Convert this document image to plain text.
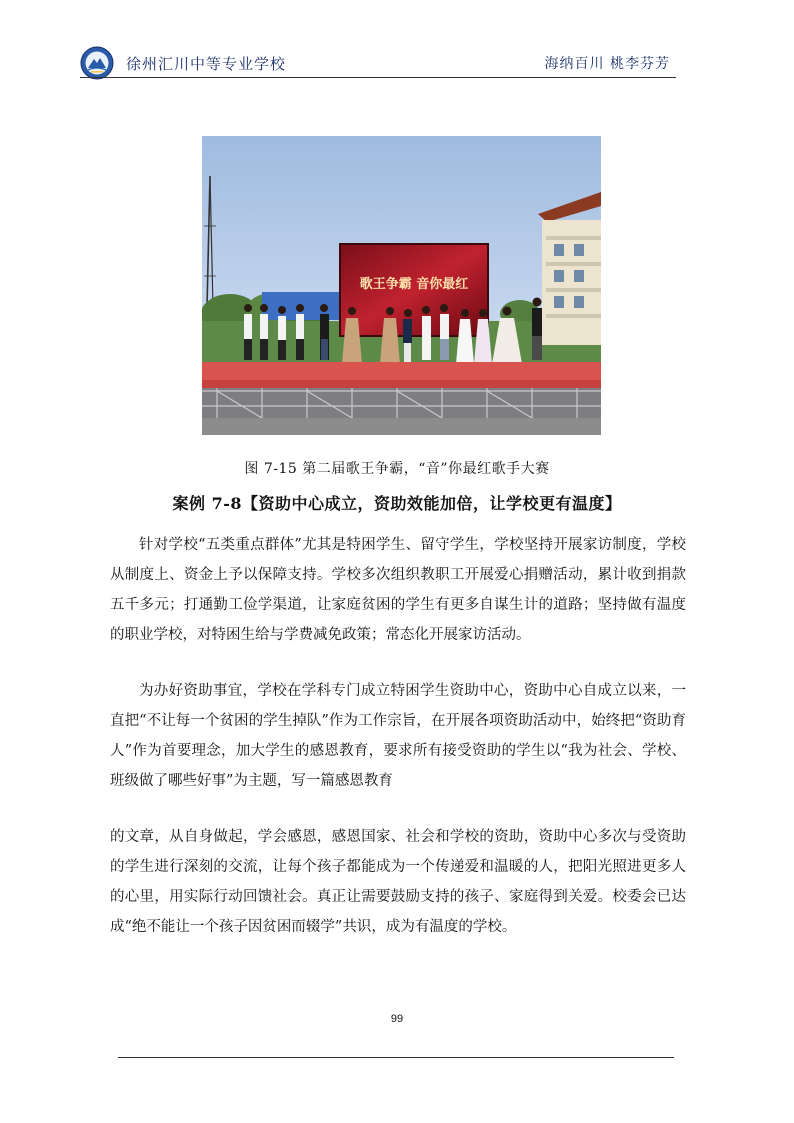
徐州汇川中等专业学校	海纳百川 桃李芬芳
歌王争霸 音你最红
图 7-15 第二届歌王争霸，“音”你最红歌手大赛
案例 7-8【资助中心成立，资助效能加倍，让学校更有温度】

针对学校“五类重点群体”尤其是特困学生、留守学生，学校坚持开展家访制度，学校从制度上、资金上予以保障支持。学校多次组织教职工开展爱心捐赠活动，累计收到捐款五千多元；打通勤工俭学渠道，让家庭贫困的学生有更多自谋生计的道路；坚持做有温度的职业学校，对特困生给与学费减免政策；常态化开展家访活动。

为办好资助事宜，学校在学科专门成立特困学生资助中心，资助中心自成立以来，一直把“不让每一个贫困的学生掉队”作为工作宗旨，在开展各项资助活动中，始终把“资助育人”作为首要理念，加大学生的感恩教育，要求所有接受资助的学生以“我为社会、学校、班级做了哪些好事”为主题，写一篇感恩教育

的文章，从自身做起，学会感恩，感恩国家、社会和学校的资助，资助中心多次与受资助的学生进行深刻的交流，让每个孩子都能成为一个传递爱和温暖的人，把阳光照进更多人的心里，用实际行动回馈社会。真正让需要鼓励支持的孩子、家庭得到关爱。校委会已达成“绝不能让一个孩子因贫困而辍学”共识，成为有温度的学校。

99
